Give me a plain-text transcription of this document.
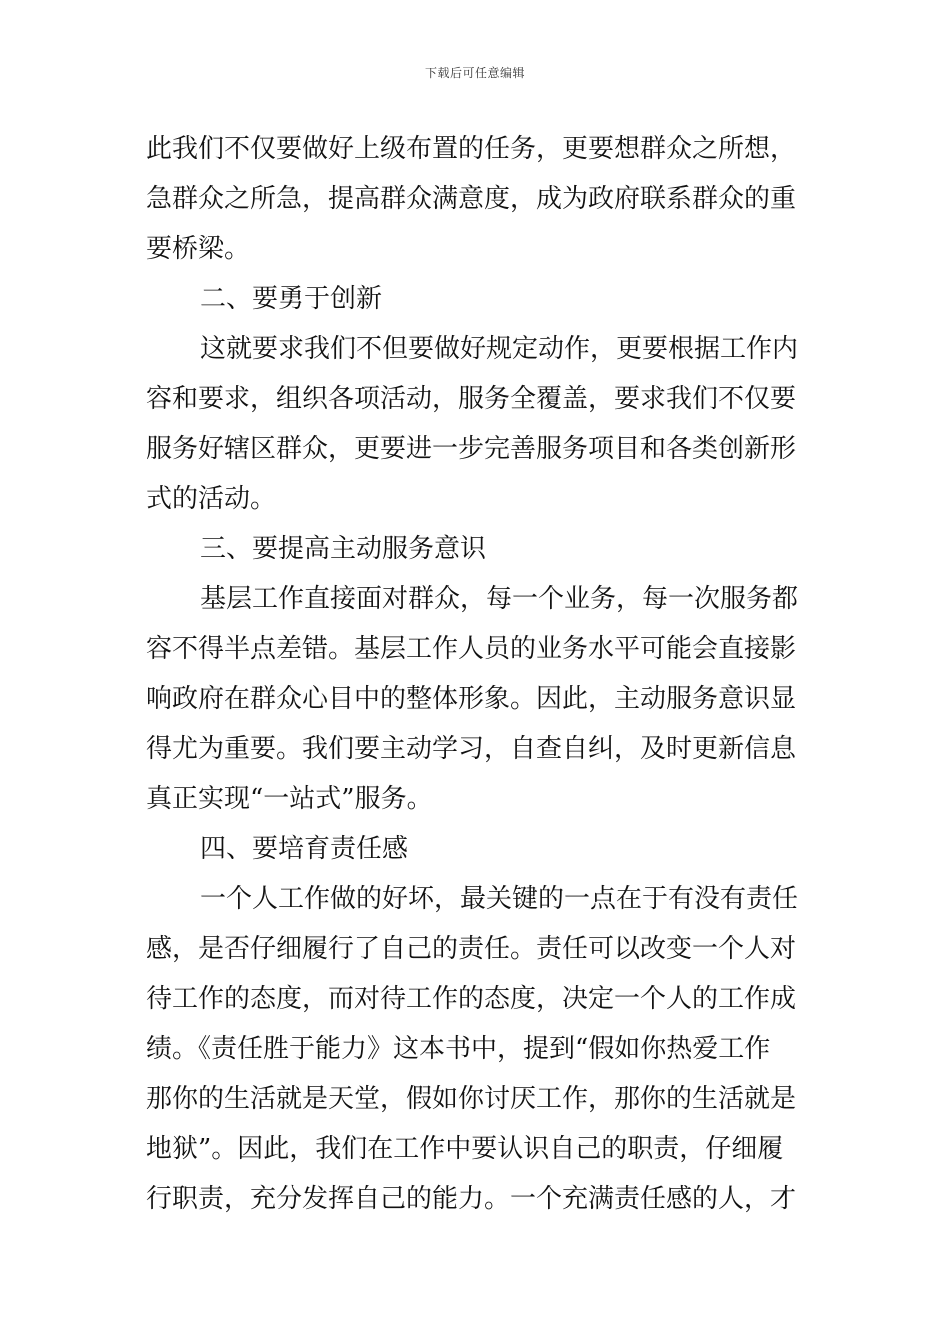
下载后可任意编辑
此我们不仅要做好上级布置的任务，更要想群众之所想，
急群众之所急，提高群众满意度，成为政府联系群众的重
要桥梁。
二、要勇于创新
这就要求我们不但要做好规定动作，更要根据工作内
容和要求，组织各项活动，服务全覆盖，要求我们不仅要
服务好辖区群众，更要进一步完善服务项目和各类创新形
式的活动。
三、要提高主动服务意识
基层工作直接面对群众，每一个业务，每一次服务都
容不得半点差错。基层工作人员的业务水平可能会直接影
响政府在群众心目中的整体形象。因此，主动服务意识显
得尤为重要。我们要主动学习，自查自纠，及时更新信息
真正实现“一站式”服务。
四、要培育责任感
一个人工作做的好坏，最关键的一点在于有没有责任
感，是否仔细履行了自己的责任。责任可以改变一个人对
待工作的态度，而对待工作的态度，决定一个人的工作成
绩。《责任胜于能力》这本书中，提到“假如你热爱工作
那你的生活就是天堂，假如你讨厌工作，那你的生活就是
地狱”。因此，我们在工作中要认识自己的职责，仔细履
行职责，充分发挥自己的能力。一个充满责任感的人，才
